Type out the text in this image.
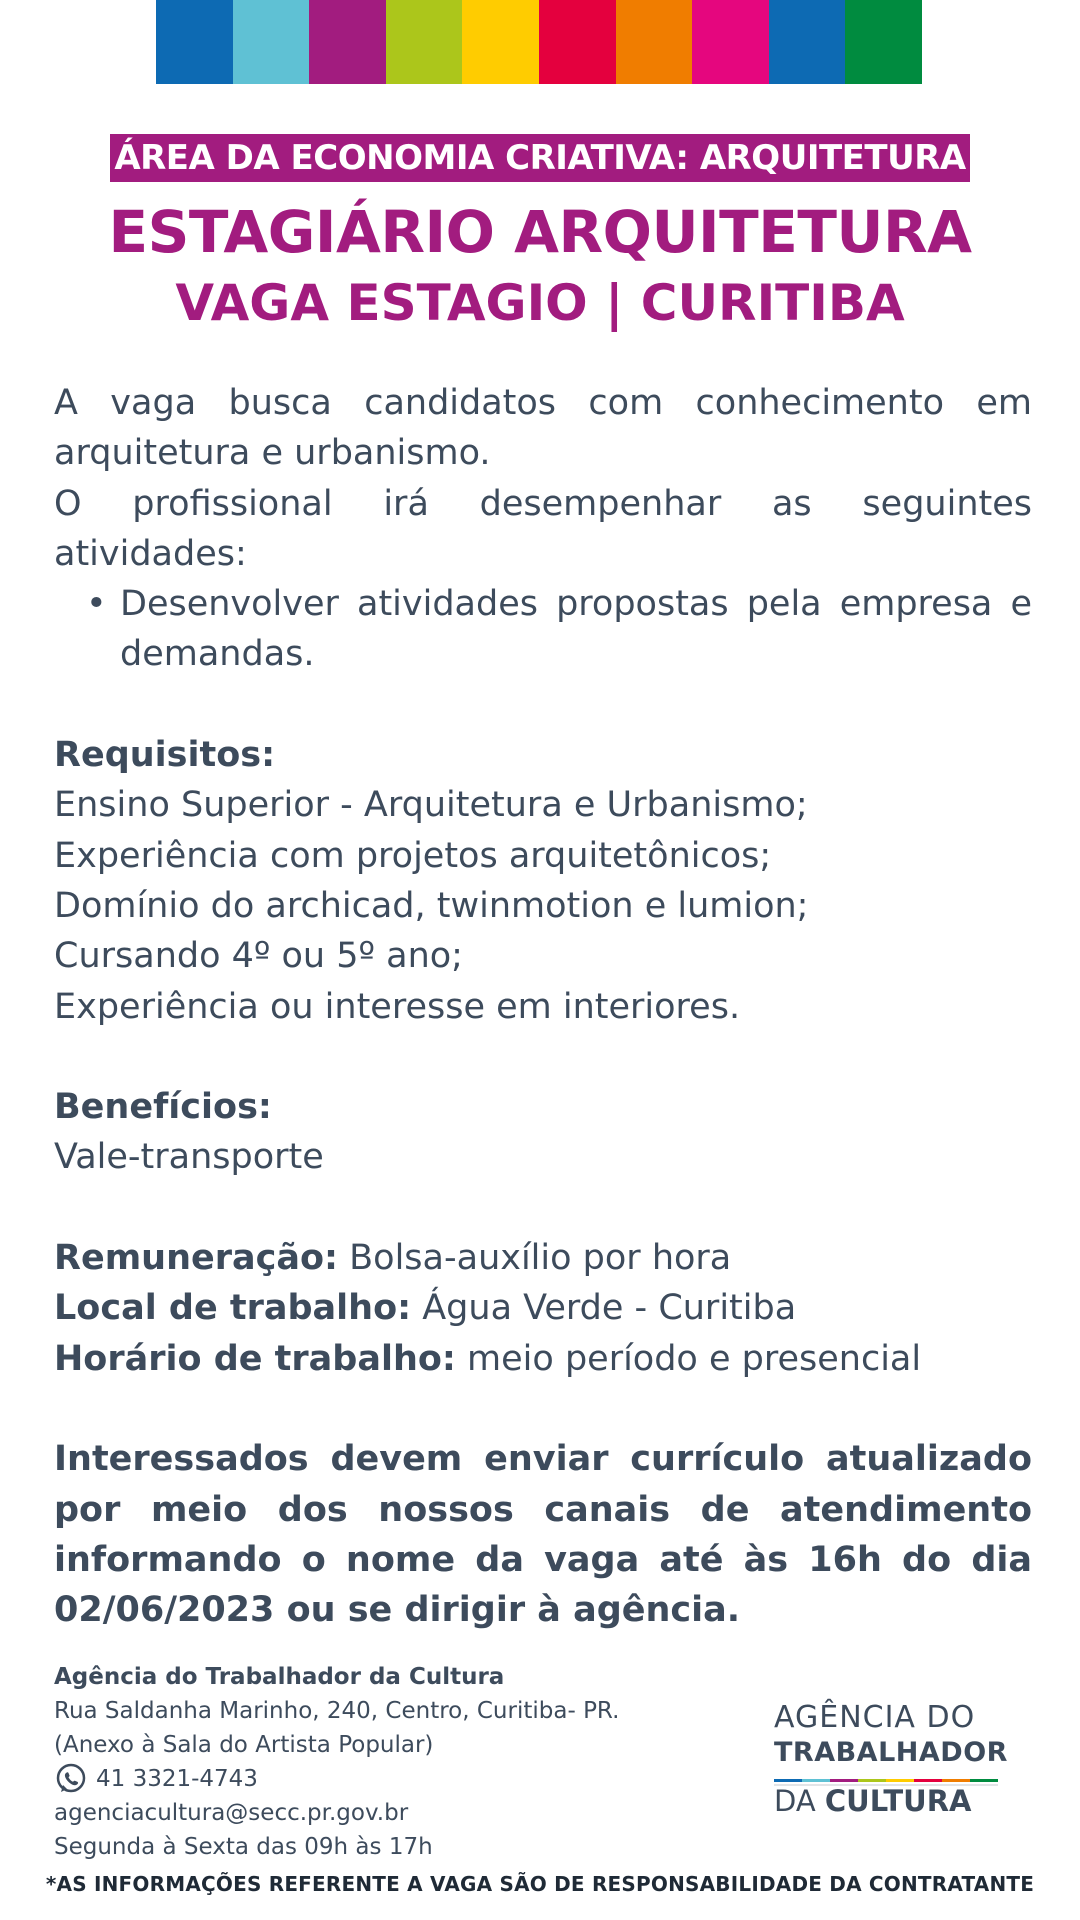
ÁREA DA ECONOMIA CRIATIVA: ARQUITETURA
ESTAGIÁRIO ARQUITETURA
VAGA ESTAGIO | CURITIBA

A vaga busca candidatos com conhecimento em arquitetura e urbanismo.

O profissional irá desempenhar as seguintes atividades:

• Desenvolver atividades propostas pela empresa e demandas.

Requisitos:

Ensino Superior - Arquitetura e Urbanismo;

Experiência com projetos arquitetônicos;

Domínio do archicad, twinmotion e lumion;

Cursando 4º ou 5º ano;

Experiência ou interesse em interiores.

Benefícios:

Vale-transporte

Remuneração: Bolsa-auxílio por hora

Local de trabalho: Água Verde - Curitiba

Horário de trabalho: meio período e presencial

Interessados devem enviar currículo atualizado por meio dos nossos canais de atendimento informando o nome da vaga até às 16h do dia 02/06/2023 ou se dirigir à agência.

Agência do Trabalhador da Cultura
Rua Saldanha Marinho, 240, Centro, Curitiba- PR.
(Anexo à Sala do Artista Popular)
41 3321-4743
agenciacultura@secc.pr.gov.br
Segunda à Sexta das 09h às 17h
AGÊNCIA DO
TRABALHADOR
DA CULTURA
*AS INFORMAÇÕES REFERENTE A VAGA SÃO DE RESPONSABILIDADE DA CONTRATANTE
